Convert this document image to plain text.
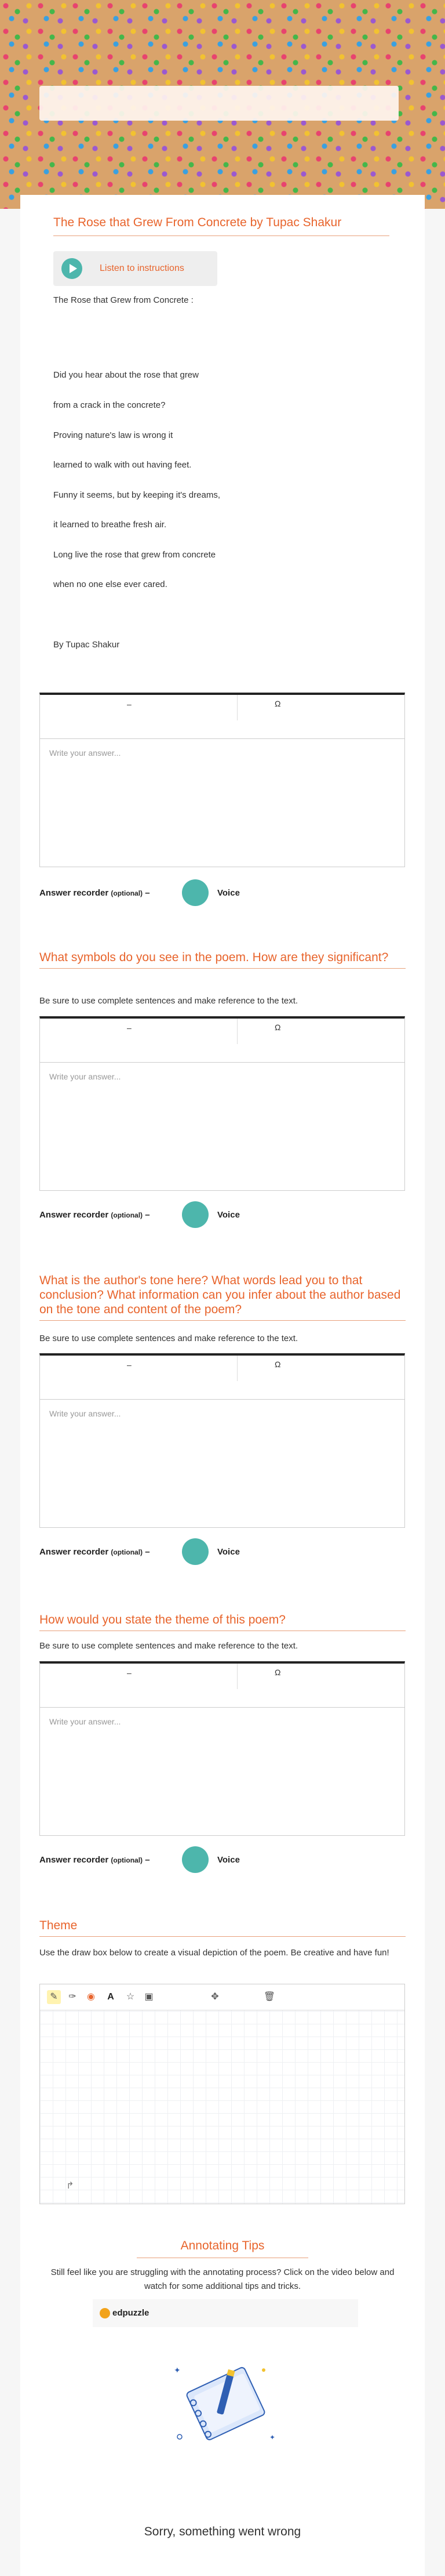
The Rose that Grew From Concrete by Tupac Shakur
Listen to instructions
The Rose that Grew from Concrete :
Did you hear about the rose that grew
from a crack in the concrete?
Proving nature's law is wrong it
learned to walk with out having feet.
Funny it seems, but by keeping it's dreams,
it learned to breathe fresh air.
Long live the rose that grew from concrete
when no one else ever cared.
By Tupac Shakur
–	Ω
Write your answer...
Answer recorder (optional) –	Voice
What symbols do you see in the poem. How are they significant?
Be sure to use complete sentences and make reference to the text.
–	Ω
Write your answer...
Answer recorder (optional) –	Voice
What is the author's tone here? What words lead you to that conclusion? What information can you infer about the author based on the tone and content of the poem?
Be sure to use complete sentences and make reference to the text.
–	Ω
Write your answer...
Answer recorder (optional) –	Voice
How would you state the theme of this poem?
Be sure to use complete sentences and make reference to the text.
–	Ω
Write your answer...
Answer recorder (optional) –	Voice
Theme
Use the draw box below to create a visual depiction of the poem. Be creative and have fun!
✎	✑	◉	A	☆	▣	✥	🗑
↱
Annotating Tips
Still feel like you are struggling with the annotating process? Click on the video below and watch for some additional tips and tricks.
edpuzzle
✦
✦
Sorry, something went wrong
